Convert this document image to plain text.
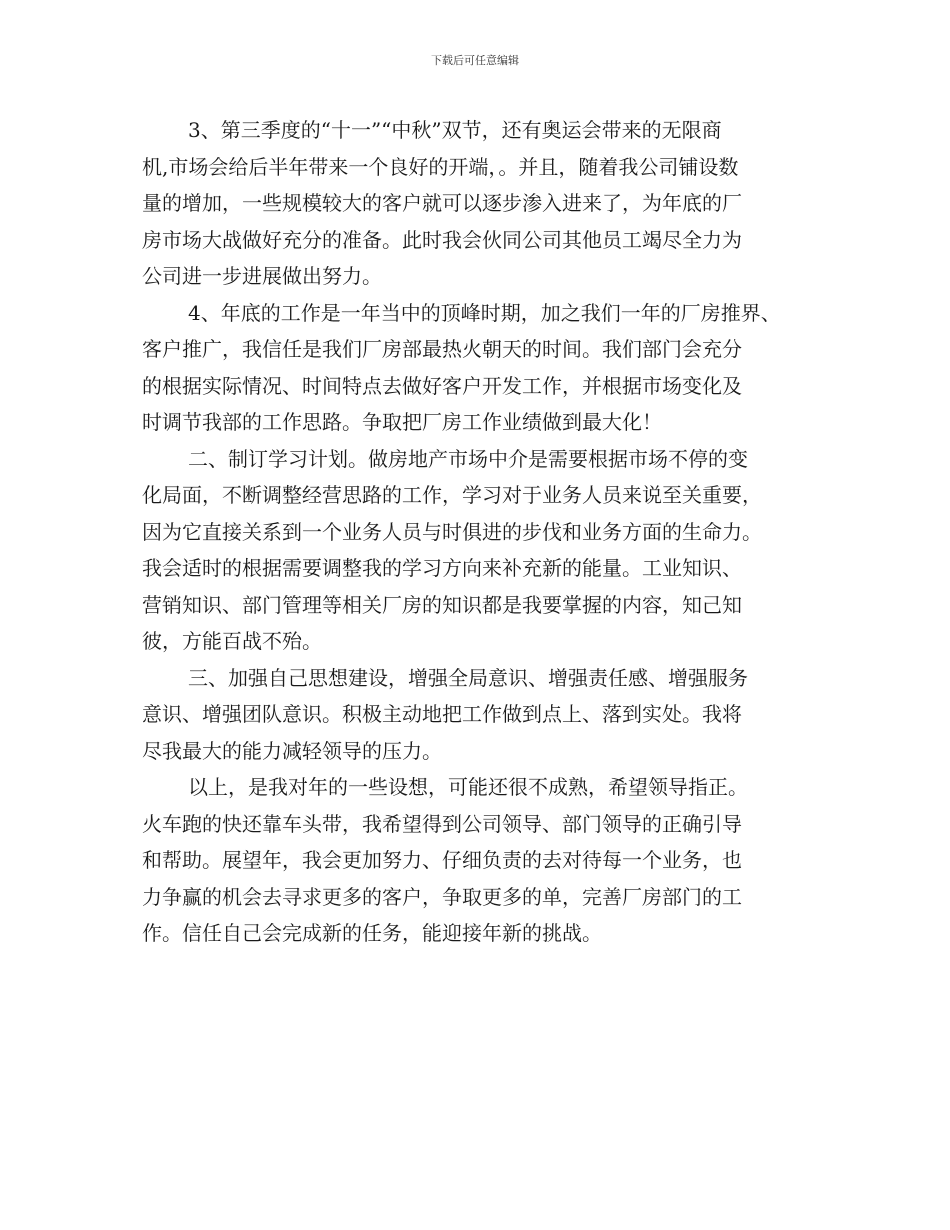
下载后可任意编辑

3、第三季度的“十一”“中秋”双节，还有奥运会带来的无限商
机,市场会给后半年带来一个良好的开端，。并且，随着我公司铺设数
量的增加，一些规模较大的客户就可以逐步渗入进来了，为年底的厂
房市场大战做好充分的准备。此时我会伙同公司其他员工竭尽全力为
公司进一步进展做出努力。

4、年底的工作是一年当中的顶峰时期，加之我们一年的厂房推界、
客户推广，我信任是我们厂房部最热火朝天的时间。我们部门会充分
的根据实际情况、时间特点去做好客户开发工作，并根据市场变化及
时调节我部的工作思路。争取把厂房工作业绩做到最大化！

二、制订学习计划。做房地产市场中介是需要根据市场不停的变
化局面，不断调整经营思路的工作，学习对于业务人员来说至关重要，
因为它直接关系到一个业务人员与时俱进的步伐和业务方面的生命力。
我会适时的根据需要调整我的学习方向来补充新的能量。工业知识、
营销知识、部门管理等相关厂房的知识都是我要掌握的内容，知己知
彼，方能百战不殆。

三、加强自己思想建设，增强全局意识、增强责任感、增强服务
意识、增强团队意识。积极主动地把工作做到点上、落到实处。我将
尽我最大的能力减轻领导的压力。

以上，是我对年的一些设想，可能还很不成熟，希望领导指正。
火车跑的快还靠车头带，我希望得到公司领导、部门领导的正确引导
和帮助。展望年，我会更加努力、仔细负责的去对待每一个业务，也
力争赢的机会去寻求更多的客户，争取更多的单，完善厂房部门的工
作。信任自己会完成新的任务，能迎接年新的挑战。
